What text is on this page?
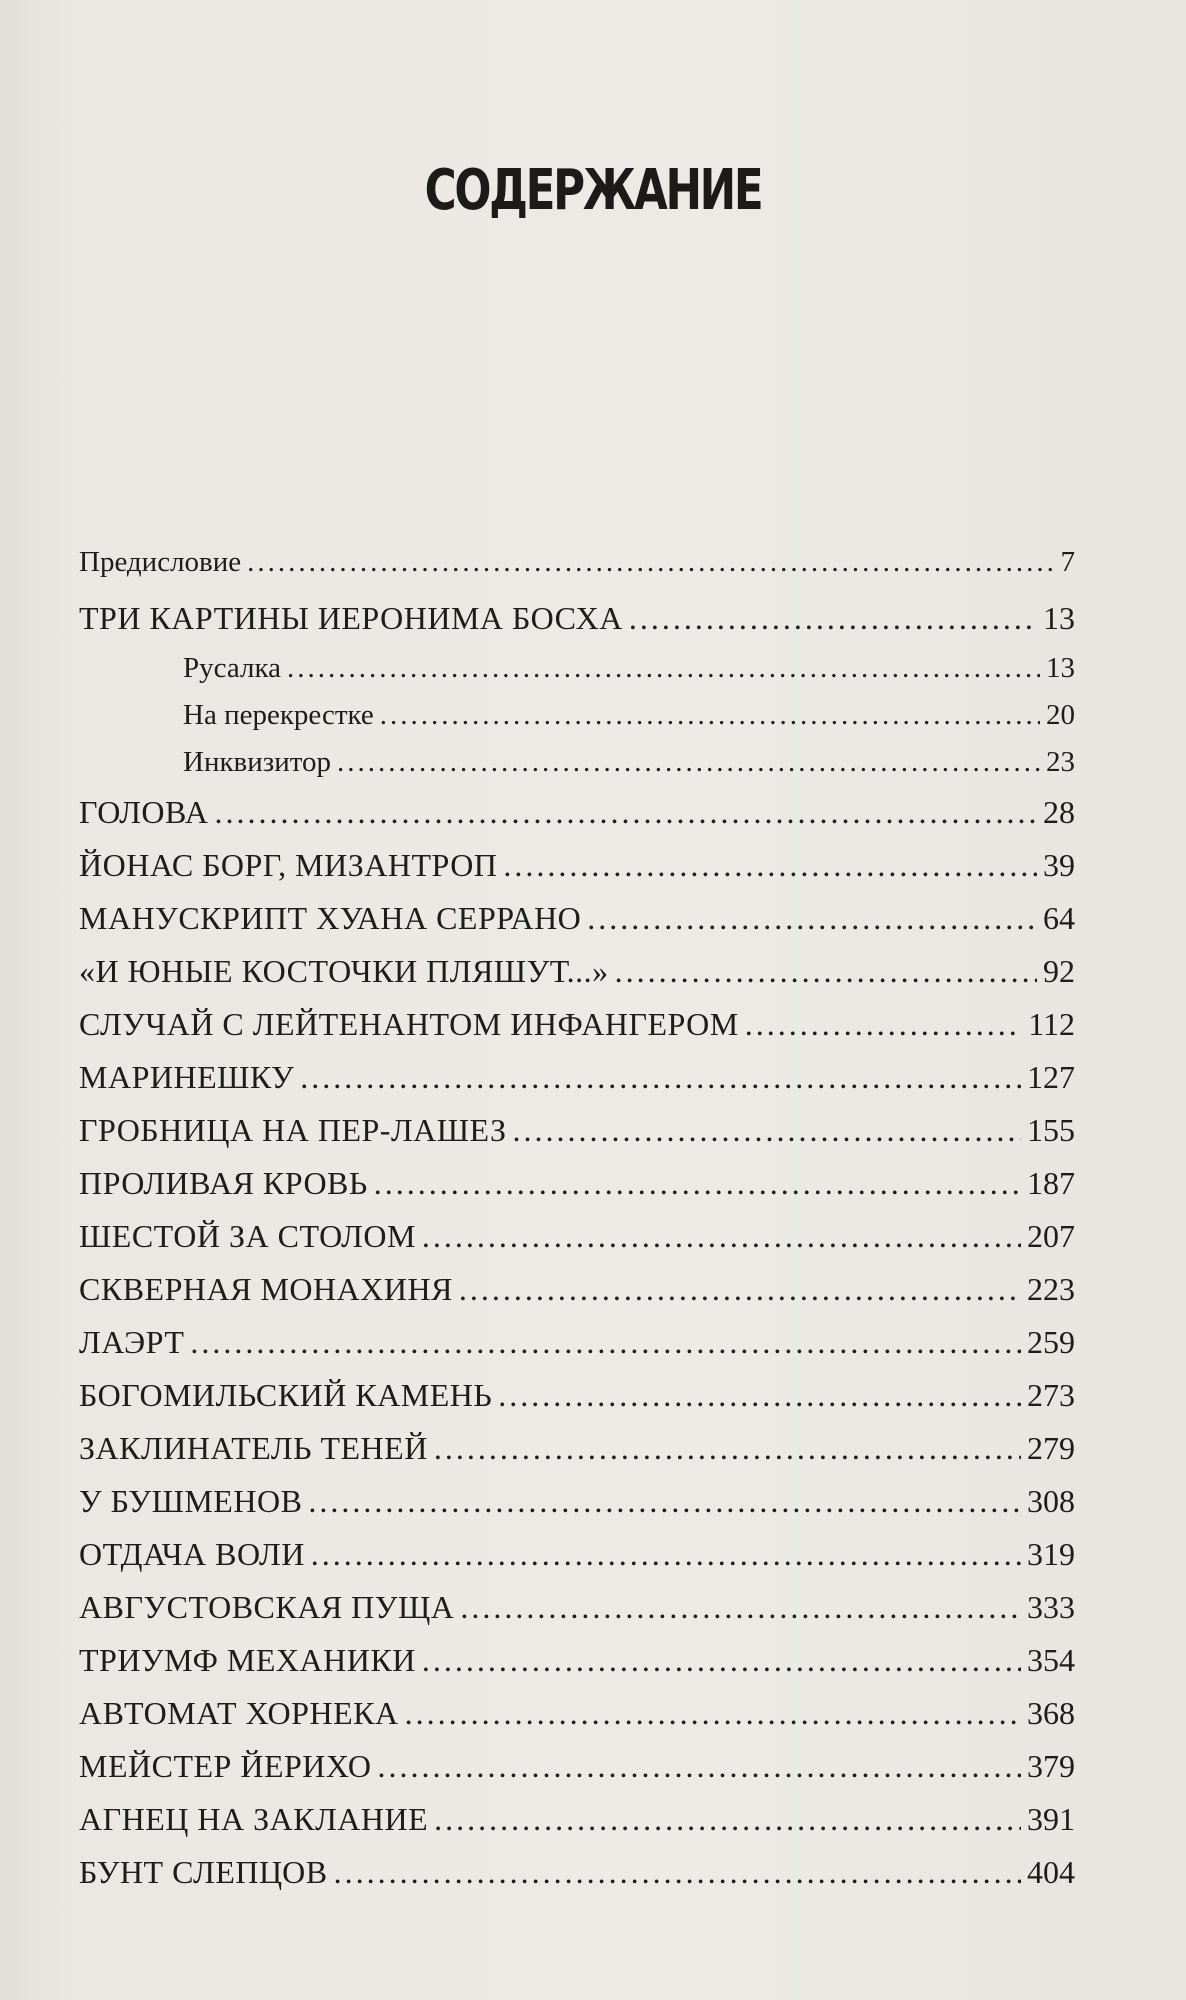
СОДЕРЖАНИЕ
Предисловие .....	7
ТРИ КАРТИНЫ ИЕРОНИМА БОСХА .....	13
Русалка .....	13
На перекрестке .....	20
Инквизитор .....	23
ГОЛОВА .....	28
ЙОНАС БОРГ, МИЗАНТРОП .....	39
МАНУСКРИПТ ХУАНА СЕРРАНО .....	64
«И ЮНЫЕ КОСТОЧКИ ПЛЯШУТ...» .....	92
СЛУЧАЙ С ЛЕЙТЕНАНТОМ ИНФАНГЕРОМ .....	112
МАРИНЕШКУ .....	127
ГРОБНИЦА НА ПЕР-ЛАШЕЗ .....	155
ПРОЛИВАЯ КРОВЬ .....	187
ШЕСТОЙ ЗА СТОЛОМ .....	207
СКВЕРНАЯ МОНАХИНЯ .....	223
ЛАЭРТ .....	259
БОГОМИЛЬСКИЙ КАМЕНЬ .....	273
ЗАКЛИНАТЕЛЬ ТЕНЕЙ .....	279
У БУШМЕНОВ .....	308
ОТДАЧА ВОЛИ .....	319
АВГУСТОВСКАЯ ПУЩА .....	333
ТРИУМФ МЕХАНИКИ .....	354
АВТОМАТ ХОРНЕКА .....	368
МЕЙСТЕР ЙЕРИХО .....	379
АГНЕЦ НА ЗАКЛАНИЕ .....	391
БУНТ СЛЕПЦОВ .....	404
